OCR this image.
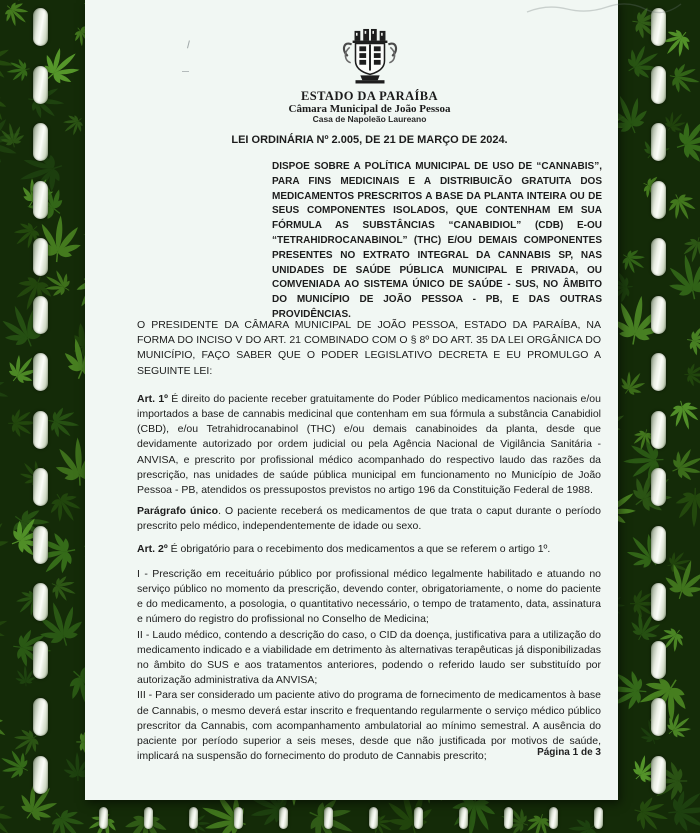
ESTADO DA PARAÍBA
Câmara Municipal de João Pessoa
Casa de Napoleão Laureano
LEI ORDINÁRIA Nº 2.005, DE 21 DE MARÇO DE 2024.
DISPOE SOBRE A POLÍTICA MUNICIPAL DE USO DE “CANNABIS”, PARA FINS MEDICINAIS E A DISTRIBUICÃO GRATUITA DOS MEDICAMENTOS PRESCRITOS A BASE DA PLANTA INTEIRA OU DE SEUS COMPONENTES ISOLADOS, QUE CONTENHAM EM SUA FÓRMULA AS SUBSTÂNCIAS “CANABIDIOL” (CDB) E-OU “TETRAHIDROCANABINOL” (THC) E/OU DEMAIS COMPONENTES PRESENTES NO EXTRATO INTEGRAL DA CANNABIS SP, NAS UNIDADES DE SAÚDE PÚBLICA MUNICIPAL E PRIVADA, OU COMVENIADA AO SISTEMA ÚNICO DE SAÚDE - SUS, NO ÂMBITO DO MUNICÍPIO DE JOÃO PESSOA - PB, E DAS OUTRAS PROVIDÊNCIAS.

O PRESIDENTE DA CÂMARA MUNICIPAL DE JOÃO PESSOA, ESTADO DA PARAÍBA, NA FORMA DO INCISO V DO ART. 21 COMBINADO COM O § 8º DO ART. 35 DA LEI ORGÂNICA DO MUNICÍPIO, FAÇO SABER QUE O PODER LEGISLATIVO DECRETA E EU PROMULGO A SEGUINTE LEI:

Art. 1º É direito do paciente receber gratuitamente do Poder Público medicamentos nacionais e/ou importados a base de cannabis medicinal que contenham em sua fórmula a substância Canabidiol (CBD), e/ou Tetrahidrocanabinol (THC) e/ou demais canabinoides da planta, desde que devidamente autorizado por ordem judicial ou pela Agência Nacional de Vigilância Sanitária - ANVISA, e prescrito por profissional médico acompanhado do respectivo laudo das razões da prescrição, nas unidades de saúde pública municipal em funcionamento no Município de João Pessoa - PB, atendidos os pressupostos previstos no artigo 196 da Constituição Federal de 1988.

Parágrafo único. O paciente receberá os medicamentos de que trata o caput durante o período prescrito pelo médico, independentemente de idade ou sexo.

Art. 2º É obrigatório para o recebimento dos medicamentos a que se referem o artigo 1º.

I - Prescrição em receituário público por profissional médico legalmente habilitado e atuando no serviço público no momento da prescrição, devendo conter, obrigatoriamente, o nome do paciente e do medicamento, a posologia, o quantitativo necessário, o tempo de tratamento, data, assinatura e número do registro do profissional no Conselho de Medicina;

II - Laudo médico, contendo a descrição do caso, o CID da doença, justificativa para a utilização do medicamento indicado e a viabilidade em detrimento às alternativas terapêuticas já disponibilizadas no âmbito do SUS e aos tratamentos anteriores, podendo o referido laudo ser substituído por autorização administrativa da ANVISA;

III - Para ser considerado um paciente ativo do programa de fornecimento de medicamentos à base de Cannabis, o mesmo deverá estar inscrito e frequentando regularmente o serviço médico público prescritor da Cannabis, com acompanhamento ambulatorial ao mínimo semestral. A ausência do paciente por período superior a seis meses, desde que não justificada por motivos de saúde, implicará na suspensão do fornecimento do produto de Cannabis prescrito;	Página 1 de 3
